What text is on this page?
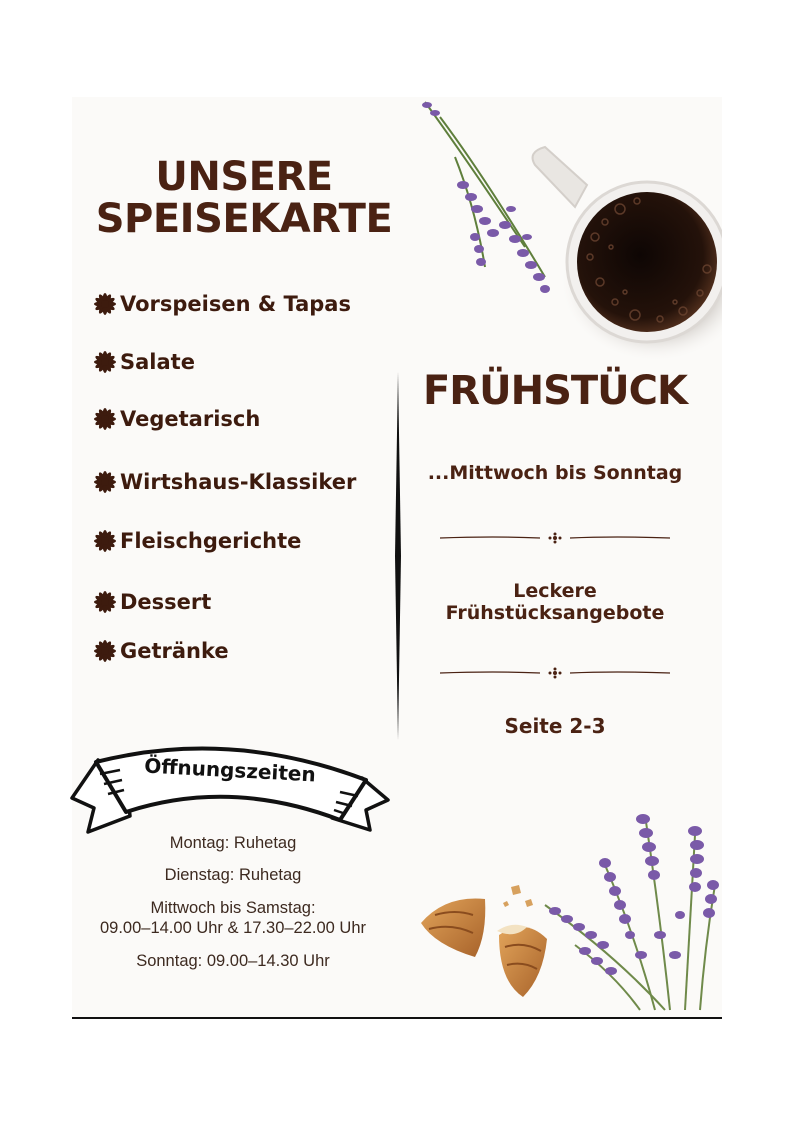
UNSERE
SPEISEKARTE
Vorspeisen & Tapas
Salate
Vegetarisch
Wirtshaus-Klassiker
Fleischgerichte
Dessert
Getränke
FRÜHSTÜCK
...Mittwoch bis Sonntag
Leckere
Frühstücksangebote
Seite 2-3
Öffnungszeiten
Montag: Ruhetag
Dienstag: Ruhetag
Mittwoch bis Samstag:
09.00–14.00 Uhr & 17.30–22.00 Uhr
Sonntag: 09.00–14.30 Uhr
